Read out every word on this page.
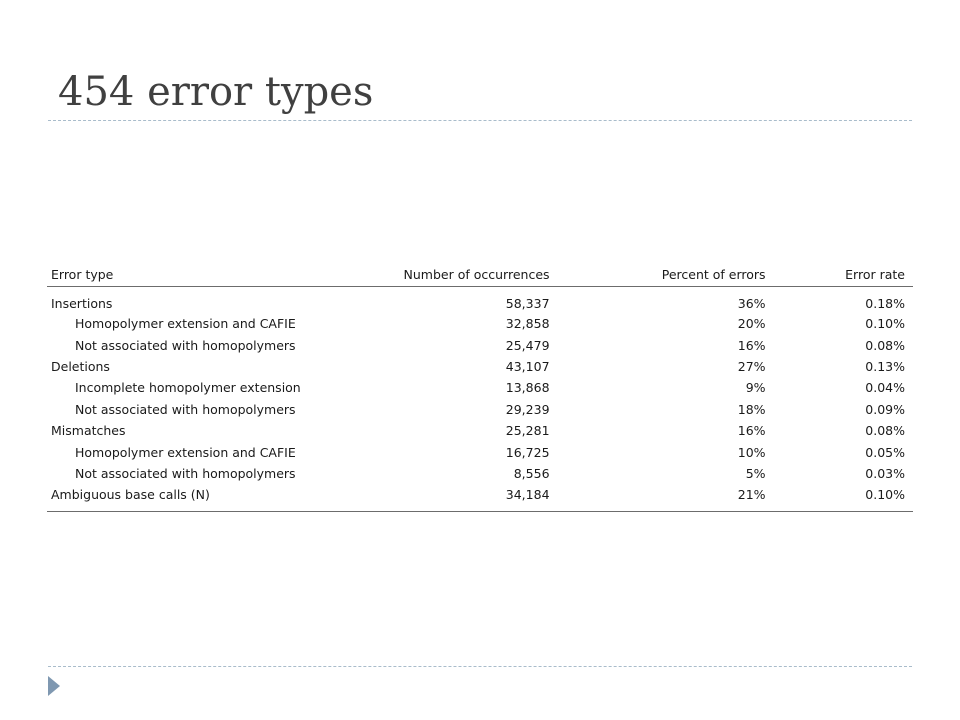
454 error types
Error type	Number of occurrences	Percent of errors	Error rate
Insertions	58,337	36%	0.18%
Homopolymer extension and CAFIE	32,858	20%	0.10%
Not associated with homopolymers	25,479	16%	0.08%
Deletions	43,107	27%	0.13%
Incomplete homopolymer extension	13,868	9%	0.04%
Not associated with homopolymers	29,239	18%	0.09%
Mismatches	25,281	16%	0.08%
Homopolymer extension and CAFIE	16,725	10%	0.05%
Not associated with homopolymers	8,556	5%	0.03%
Ambiguous base calls (N)	34,184	21%	0.10%
